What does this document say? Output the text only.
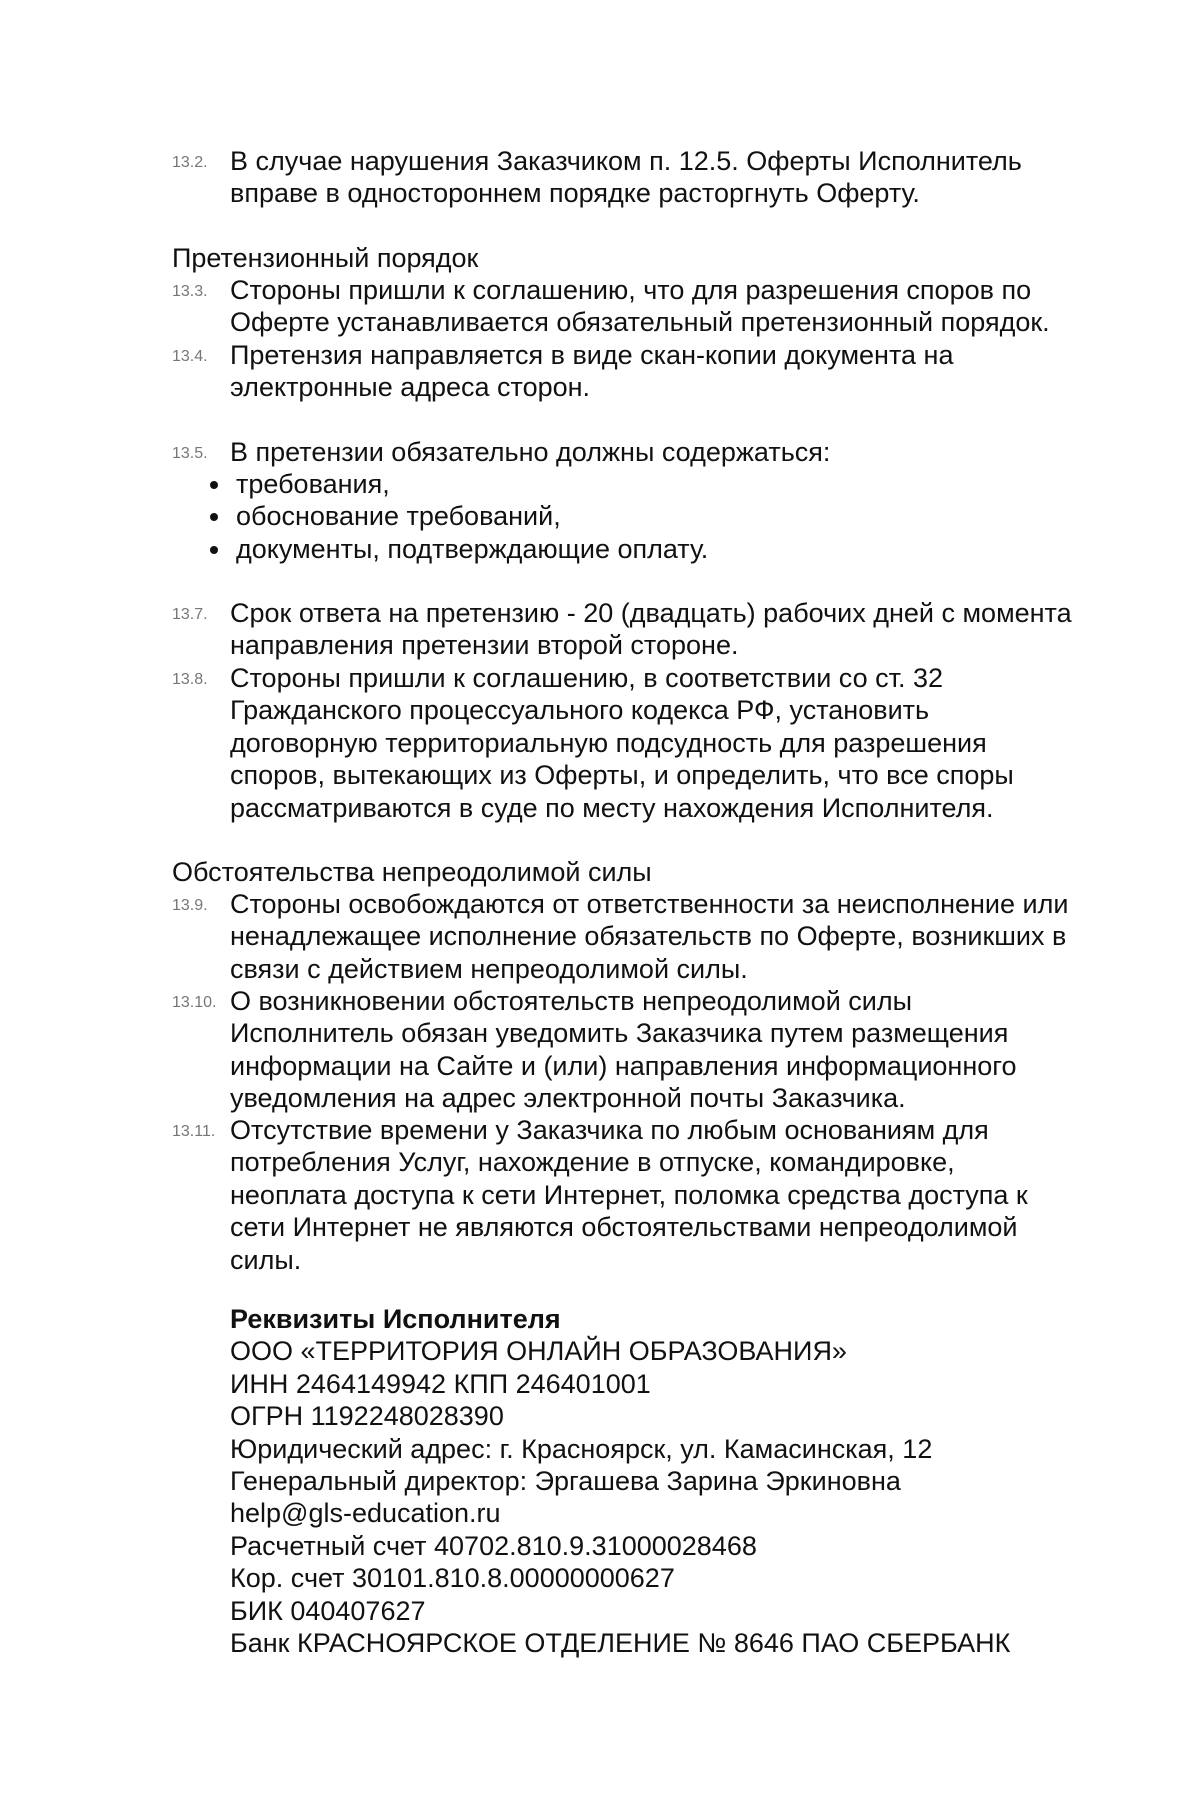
13.2. В случае нарушения Заказчиком п. 12.5. Оферты Исполнитель
вправе в одностороннем порядке расторгнуть Оферту.
Претензионный порядок
13.3. Стороны пришли к соглашению, что для разрешения споров по
Оферте устанавливается обязательный претензионный порядок.
13.4. Претензия направляется в виде скан-копии документа на
электронные адреса сторон.
13.5. В претензии обязательно должны содержаться:
требования,
обоснование требований,
документы, подтверждающие оплату.
13.7. Срок ответа на претензию - 20 (двадцать) рабочих дней с момента
направления претензии второй стороне.
13.8. Стороны пришли к соглашению, в соответствии со ст. 32
Гражданского процессуального кодекса РФ, установить
договорную территориальную подсудность для разрешения
споров, вытекающих из Оферты, и определить, что все споры
рассматриваются в суде по месту нахождения Исполнителя.
Обстоятельства непреодолимой силы
13.9. Стороны освобождаются от ответственности за неисполнение или
ненадлежащее исполнение обязательств по Оферте, возникших в
связи с действием непреодолимой силы.
13.10. О возникновении обстоятельств непреодолимой силы
Исполнитель обязан уведомить Заказчика путем размещения
информации на Сайте и (или) направления информационного
уведомления на адрес электронной почты Заказчика.
13.11. Отсутствие времени у Заказчика по любым основаниям для
потребления Услуг, нахождение в отпуске, командировке,
неоплата доступа к сети Интернет, поломка средства доступа к
сети Интернет не являются обстоятельствами непреодолимой
силы.
Реквизиты Исполнителя
ООО «ТЕРРИТОРИЯ ОНЛАЙН ОБРАЗОВАНИЯ»
ИНН 2464149942 КПП 246401001
ОГРН 1192248028390
Юридический адрес: г. Красноярск, ул. Камасинская, 12
Генеральный директор: Эргашева Зарина Эркиновна
help@gls-education.ru
Расчетный счет 40702.810.9.31000028468
Кор. счет 30101.810.8.00000000627
БИК 040407627
Банк КРАСНОЯРСКОЕ ОТДЕЛЕНИЕ № 8646 ПАО СБЕРБАНК
